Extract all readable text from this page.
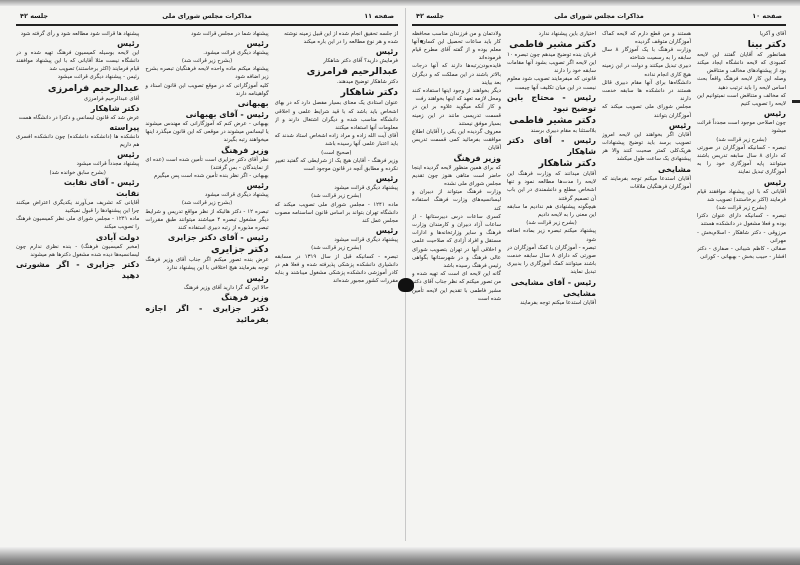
صفحه ۱۱
مذاکرات مجلس شورای ملی
جلسه ۴۲

از جلسه تحقیق انجام شده از این قبیل زمینه نوشته

شده و هر نوع مطالعه را در این باره میکند

رئیس

فرمایش دارید؟ آقای دکتر شاهکار

عبدالرحیم فرامرزی

دکتر شاهکار توضیح میدهند.

دکتر شاهکار

عنوان استادی یک معنای بسیار مفصل دارد که در بهای اشخاص باید باشد که با قید شرایط علمی و اخلاقی دانشگاه مناسب شده و دیگران اشتغال دارند و از معلومات آنها استفاده میکنند

آقای آیت الله زاده و مراد زاده اشخاص استاد شدند که باید اعتبار علمی آنها رسیده باشد

(صحیح است)

وزیر فرهنگ - آقایان هیچ یک از شرایطی که گفتید تغییر نکرده و مطابق آنچه در قانون موجود است

رئیس

پیشنهاد دیگری قرائت میشود

(بشرح زیر قرائت شد)

ماده ۱۲۴۱ - مجلس شورای ملی تصویب میکند که دانشگاه تهران بتواند بر اساس قانون اساسنامه مصوب مجلس عمل کند

رئیس

پیشنهاد دیگری قرائت میشود

(بشرح زیر قرائت شد)

تبصره - کسانیکه قبل از سال ۱۳۱۹ در مسابقه دانشیاری دانشکده پزشکی پذیرفته شده و فعلا هم در کادر آموزشی دانشکده پزشکی مشغول میباشند و بنابه مقررات کشور مجبور شده‌اند

پیشنهاد شما در مجلس قرائت شود

رئیس

پیشنهاد دیگری قرائت میشود.

(بشرح زیر قرائت شد)

پیشنهاد میکنم ماده واحده لایحه فرهنگیان تبصره بشرح زیر اضافه شود

کلیه آموزگارانی که در موقع تصویب این قانون اسناد و گواهینامه دارند

بهبهانی

رئیس - آقای بهبهانی

بهبهانی - عرض کنم که آموزگارانی که مهندس میشوند یا لیسانس میشوند در موقعی که این قانون میگذرد اینها میخواهند رتبه بگیرند

وزیر فرهنگ

نظر آقای دکتر جزایری است تأمین شده است (عده ای از نمایندگان - بس گرفتند)

بهبهانی - اگر نظر بنده تأمین شده است پس میگیرم

رئیس

پیشنهاد دیگری قرائت میشود

(بشرح زیر قرائت شد)

تبصره ۱۲ - دکتر هائیکه از نظر مواقع تدریس و شرایط دیگر مشغول تبصره ۴ میباشند میتوانند طبق مقررات تبصره مذبوره از رتبه دبیری استفاده کنند

رئیس - آقای دکتر جزایری

دکتر جزایری

عرض بنده تصور میکنم اگر جناب آقای وزیر فرهنگ توجه بفرمایند هیچ اختلافی با این پیشنهاد ندارد

رئیس

حالا این که گرا دارید آقای وزیر فرهنگ

وزیر فرهنگ

دکتر جزایری - اگر اجازه بفرمائید

پیشنهاد ها قرائت شود مطالعه شود و رأی گرفته شود

رئیس

این لایحه بوسیله کمیسیون فرهنگ تهیه شده و در دانشگاه نیست مثلا آقایانی که با این پیشنهاد موافقند قیام فرمایند (اکثر برخاستند) تصویب شد

رئیس - پیشنهاد دیگری قرائت میشود

عبدالرحیم فرامرزی

آقای عبدالرحیم فرامرزی

دکتر شاهکار

عرض شد که قانون لیسانس و دکترا در دانشگاه هست

پیراسته

دانشکده ها (دانشکده دانشکده) چون دانشکده افسری هم داریم

رئیس

پیشنهاد مجدداً قرائت میشود

(بشرح سابق خوانده شد)

رئیس - آقای نقابت

نقابت

آقایانی که تشریف می‌آورند یکدیگری اعتراض میکنند چرا این پیشنهاد‌ها را قبول نمیکنید

ماده ۱۲۴۱ - مجلس شورای ملی نظر کمیسیون فرهنگ را تصویب میکند

دولت آبادی

(مخبر کمیسیون فرهنگ) - بنده نظری ندارم چون لیسانسیه‌ها دیده شده مشغول دکترها هم میشوند

دکتر جزایری - اگر مشورتی دهید

صفحه ۱۰
مذاکرات مجلس شورای ملی
جلسه ۴۲

آقای و آکریا

دکتر بینا

همانطور که آقایان گفتند این لایحه کمبودی که لایحه دانشگاه ایجاد میکند بود از پیشنهادهای مخالف و متناقض

وصله این کار لایحه فرهنگ واقعاً بحث اساس لایحه را باید ترتیب دهید

که مخالف و متناقض است نمیتوانیم این لایحه را تصویب کنیم

رئیس

چون اصلاحی موجود است مجدداً قرائت میشود

(بشرح زیر قرائت شد)

تبصره - کسانیکه آموزگاران در صورتی که دارای ۸ سال سابقه تدریس باشند میتوانند پایه آموزگاری خود را به آموزگاری تبدیل نمایند

رئیس

آقایانی که با این پیشنهاد موافقند قیام فرمایند (اکثر برخاستند) تصویب شد

(بشرح زیر قرائت شد)

تبصره - کسانیکه دارای عنوان دکترا بوده و فعلا مشغول در دانشکده هستند

مرزوقی - دکتر شاهکار - اسلام‌بخش - مهرانی

صفائی - کاظم شیبانی - صفاری - دکتر افشار - حبیب بخش - بهبهانی - کورانی

هستند و من قطع دارم که لایحه کماک آموزگاران متوقف گردیده

وزارت فرهنگ با یک آموزگار ۸ سال سابقه را به رسمیت شناخته

دبیری تبدیل میکنند و دولت در این زمینه هیچ کاری انجام نداده

دانشگاه‌ها برای آنها مقام دبیری قائل هستند در دانشکده ها سابقه خدمت دارند

مجلس شورای ملی تصویب میکند که آموزگاران بتوانند

رئیس

آقایان اگر بخواهند این لایحه امروز تصویب برسد باید توضیح پیشنهادات هریک‌کلی کمتر صحبت کنند والا هر پیشنهادی یک ساعت طول میکشد

مشایخی

آقایان استدعا میکنم توجه بفرمایند که آموزگاران فرهنگیان ملاقات

اختیاری باین پیشنهاد ندارد

دکتر مشیر فاطمی

قربان بنده توضیح میدهم چون تبصره ۱۰ این لایحه اگر تصویب بشود آنها مقامات سابقه خود را دارند

قانونی که میفرمایند تصویب شود معلوم نیست در این میان تکلیف آنها چیست

رئیس - محتاج باین توضیح نبود

دکتر مشیر فاطمی

بلااستثنا به مقام دبیری برسند

رئیس - آقای دکتر شاهکار

دکتر شاهکار

آقایان میدانند که وزارت فرهنگ این لایحه را مدت‌ها مطالعه نمود و تنها اشخاص مطلع و دانشمندی در این باب آن تصمیم گرفتند

هیچگونه پیشنهادی هم ندادیم ما سابقه این معنی را به لایحه دادیم

(بشرح زیر قرائت شد)

پیشنهاد میکنم تبصره زیر بماده اضافه شود

تبصره - آموزگاران با کمک آموزگاران در صورتی که دارای ۸ سال سابقه خدمت باشند میتوانند کمک آموزگاری را بدبیری تبدیل نمایند

رئیس - آقای مشایخی

مشایخی

آقایان استدعا میکنم توجه بفرمایند

ولادتمان و من فرزندان مناسب محافظه کار باید ساعات تحصیل این کسان آنها معلم بوده و از گفته آقای مطرح قیام فرموده‌اند

فایده‌بودن‌رتبه‌ها دارند که آنها درجات بالاتر باشند در این مملکت که و دیگران بعد بیایند

دیگر بخواهند از وجود اینها استفاده کنند ومحل لازمه تعهد که اینها بخواهند رفت

و کار آنکه میگوید علاوه بر این در قسمت تدریسی مانند در این زمینه بسیار موفق نیستند

معروف گردیده این یکی را آقایان اطلاع موافقت بفرمائید کمی قسمت تدریس آقایان

وزیر فرهنگ

که برای همین منظور لایحه گردیده اینجا حاضر است متاهی هنوز چون تقدیم مجلس شورای ملی نشده

وزارت فرهنگ میتواند از دبیران و لیسانسیه‌های وزارت فرهنگ استفاده کند

کسری ساعات درس دبیرستانها - از ساعات آزاد دبیران و کارمندان وزارت فرهنگ و سایر وزارتخانه‌ها و ادارات مستقل و افراد آزادی که صلاحیت علمی و اخلاقی آنها در تهران بتصویب شورای عالی فرهنگ و در شهرستانها بگواهی رئیس فرهنگ رسیده باشد

گانه این لایحه ای است که تهیه شده و من تصور میکنم که نظر جناب آقای دکتر مشیر فاطمی با تقدیم این لایحه تأمین شده است
